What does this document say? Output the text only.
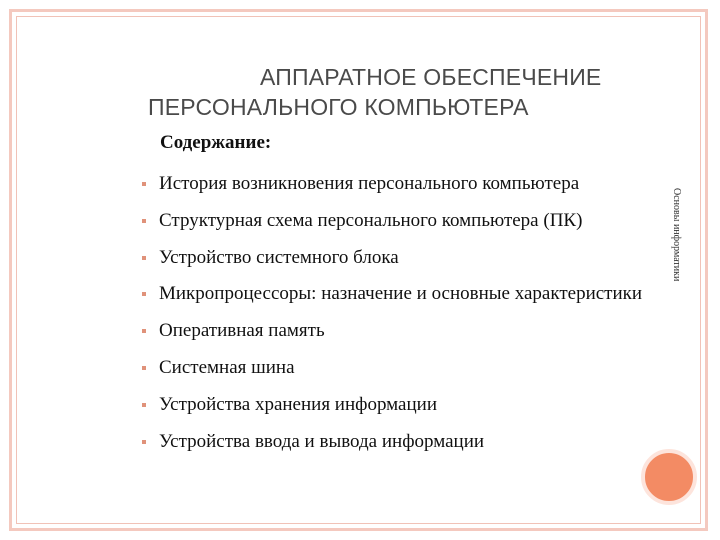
АППАРАТНОЕ ОБЕСПЕЧЕНИЕ
ПЕРСОНАЛЬНОГО КОМПЬЮТЕРА
Содержание:
История возникновения персонального компьютера
Структурная схема персонального компьютера (ПК)
Устройство системного блока
Микропроцессоры: назначение и основные характеристики
Оперативная память
Системная шина
Устройства хранения информации
Устройства ввода и вывода информации
Основы информатики
